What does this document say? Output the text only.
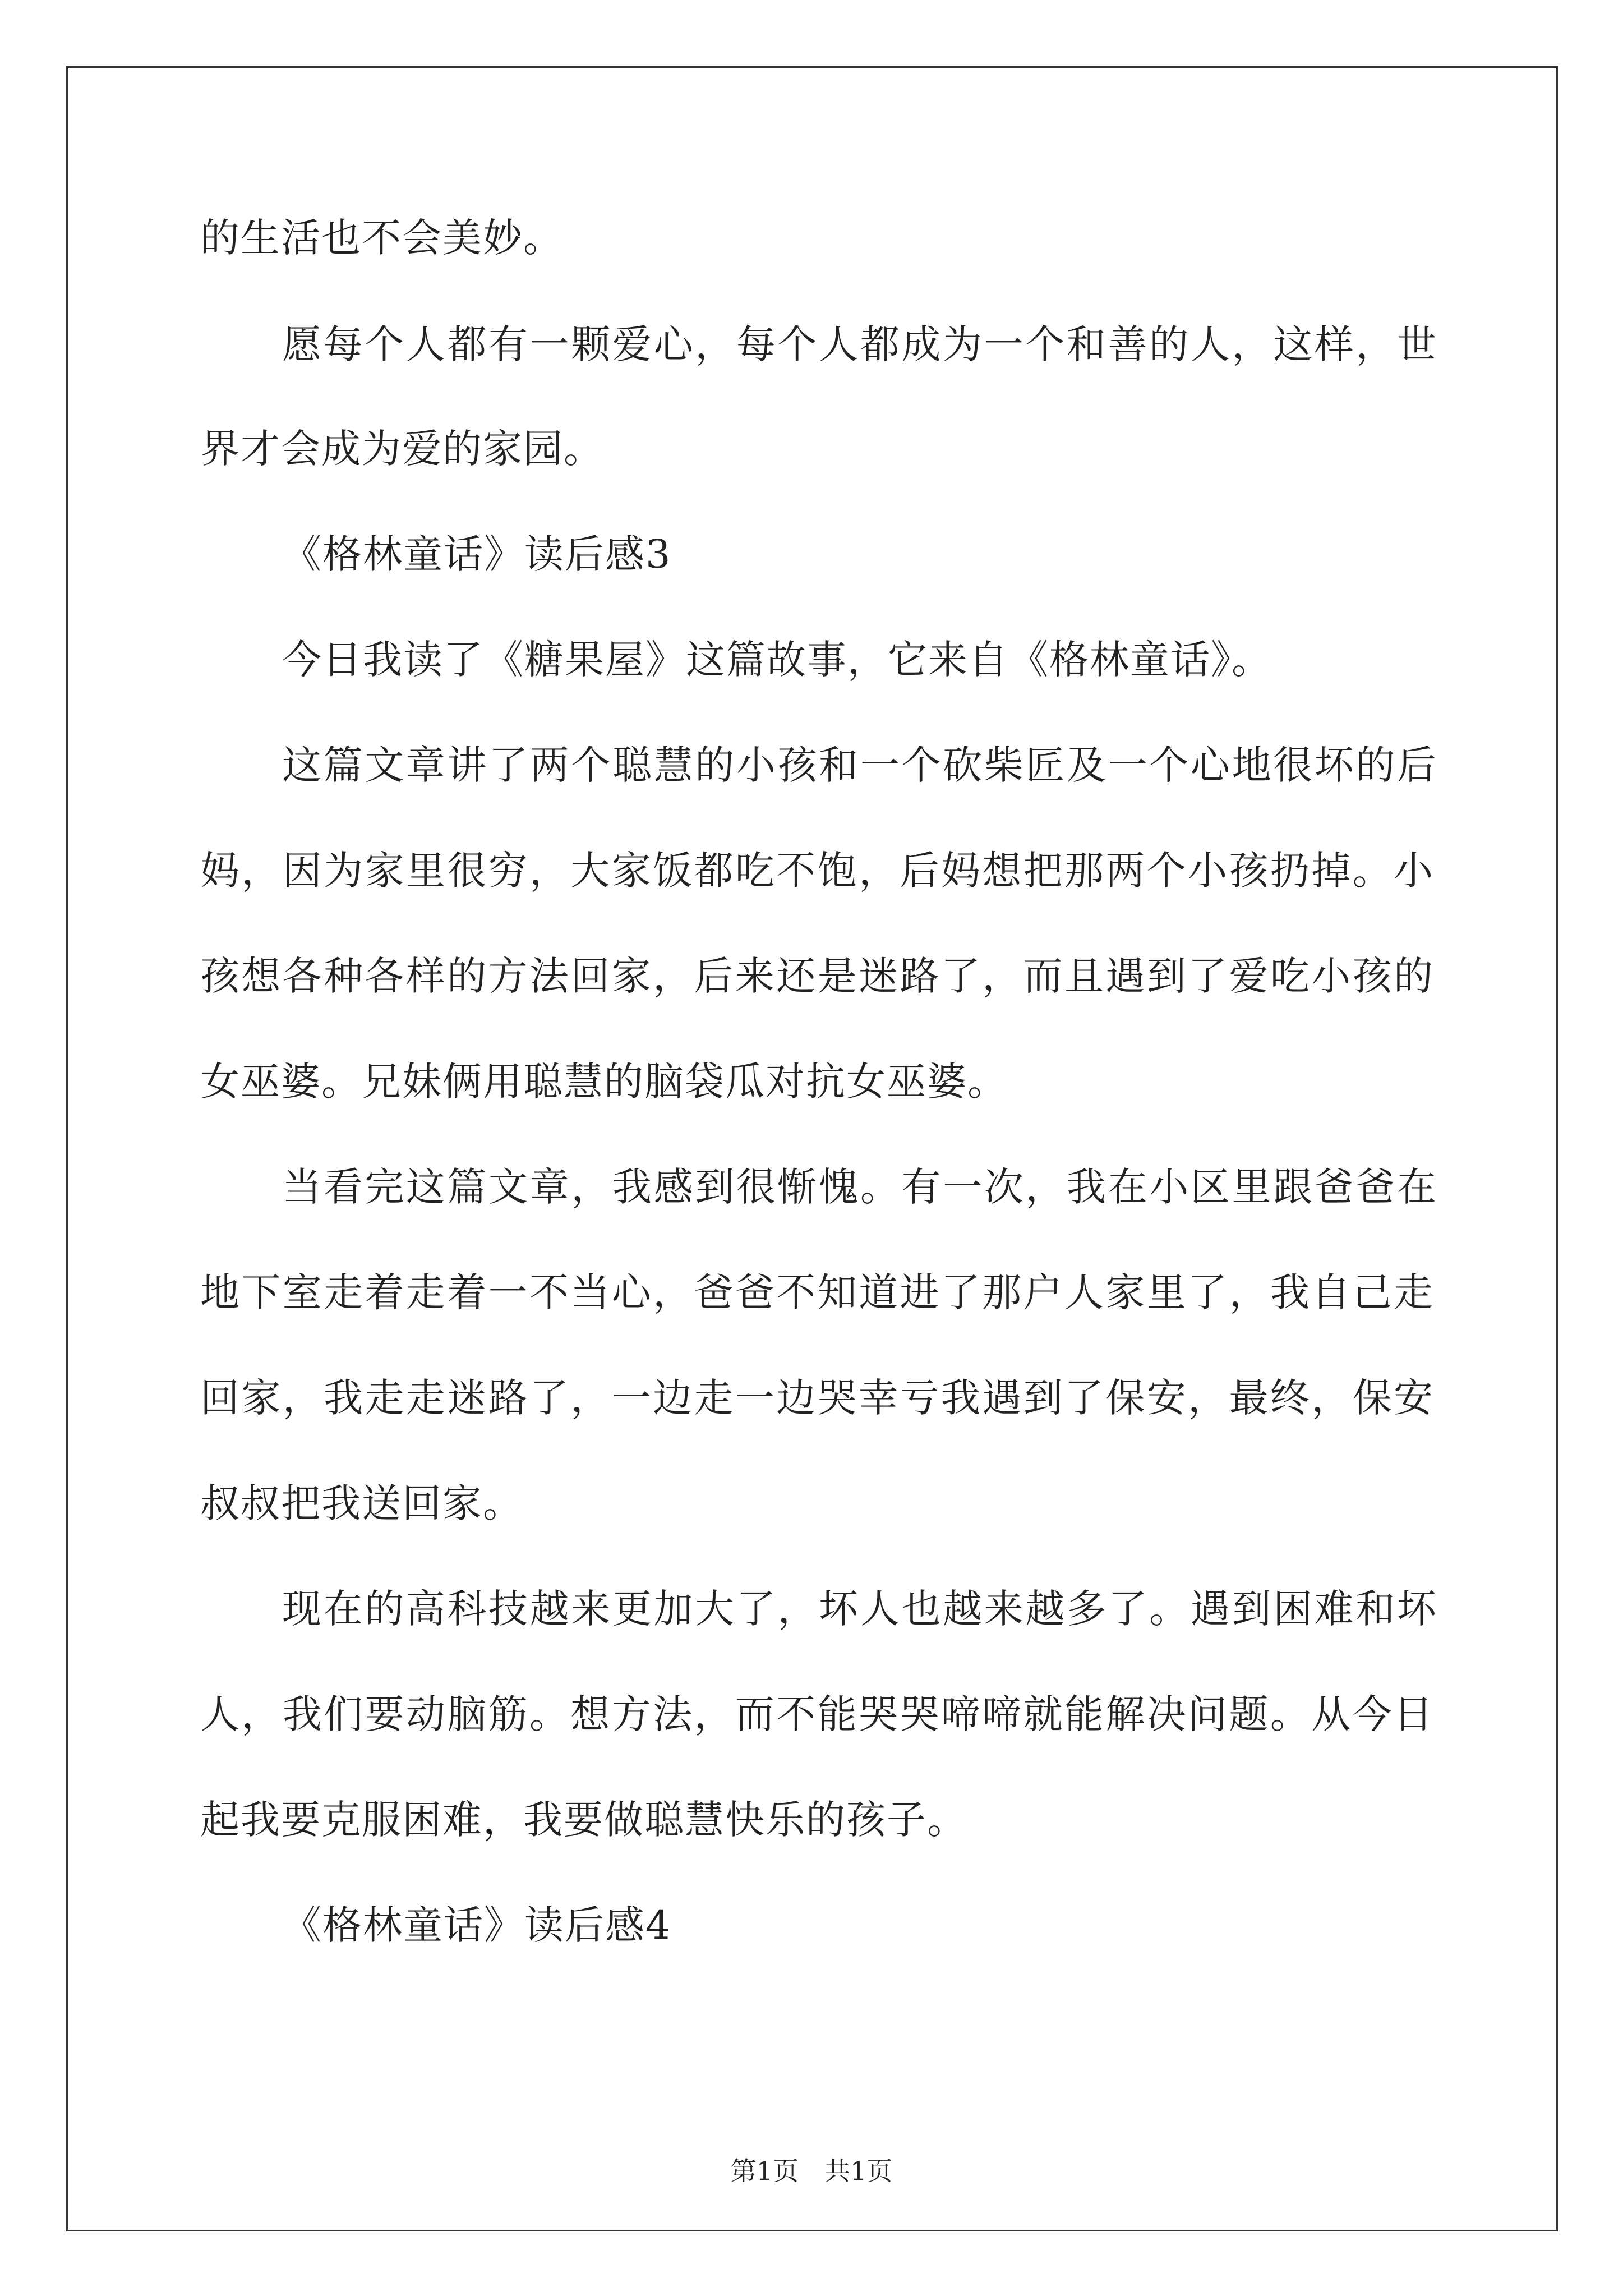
的生活也不会美妙。
愿每个人都有一颗爱心，每个人都成为一个和善的人，这样，世
界才会成为爱的家园。
《格林童话》读后感3
今日我读了《糖果屋》这篇故事，它来自《格林童话》。
这篇文章讲了两个聪慧的小孩和一个砍柴匠及一个心地很坏的后
妈，因为家里很穷，大家饭都吃不饱，后妈想把那两个小孩扔掉。小
孩想各种各样的方法回家，后来还是迷路了，而且遇到了爱吃小孩的
女巫婆。兄妹俩用聪慧的脑袋瓜对抗女巫婆。
当看完这篇文章，我感到很惭愧。有一次，我在小区里跟爸爸在
地下室走着走着一不当心，爸爸不知道进了那户人家里了，我自己走
回家，我走走迷路了，一边走一边哭幸亏我遇到了保安，最终，保安
叔叔把我送回家。
现在的高科技越来更加大了，坏人也越来越多了。遇到困难和坏
人，我们要动脑筋。想方法，而不能哭哭啼啼就能解决问题。从今日
起我要克服困难，我要做聪慧快乐的孩子。
《格林童话》读后感4
第1页　共1页
